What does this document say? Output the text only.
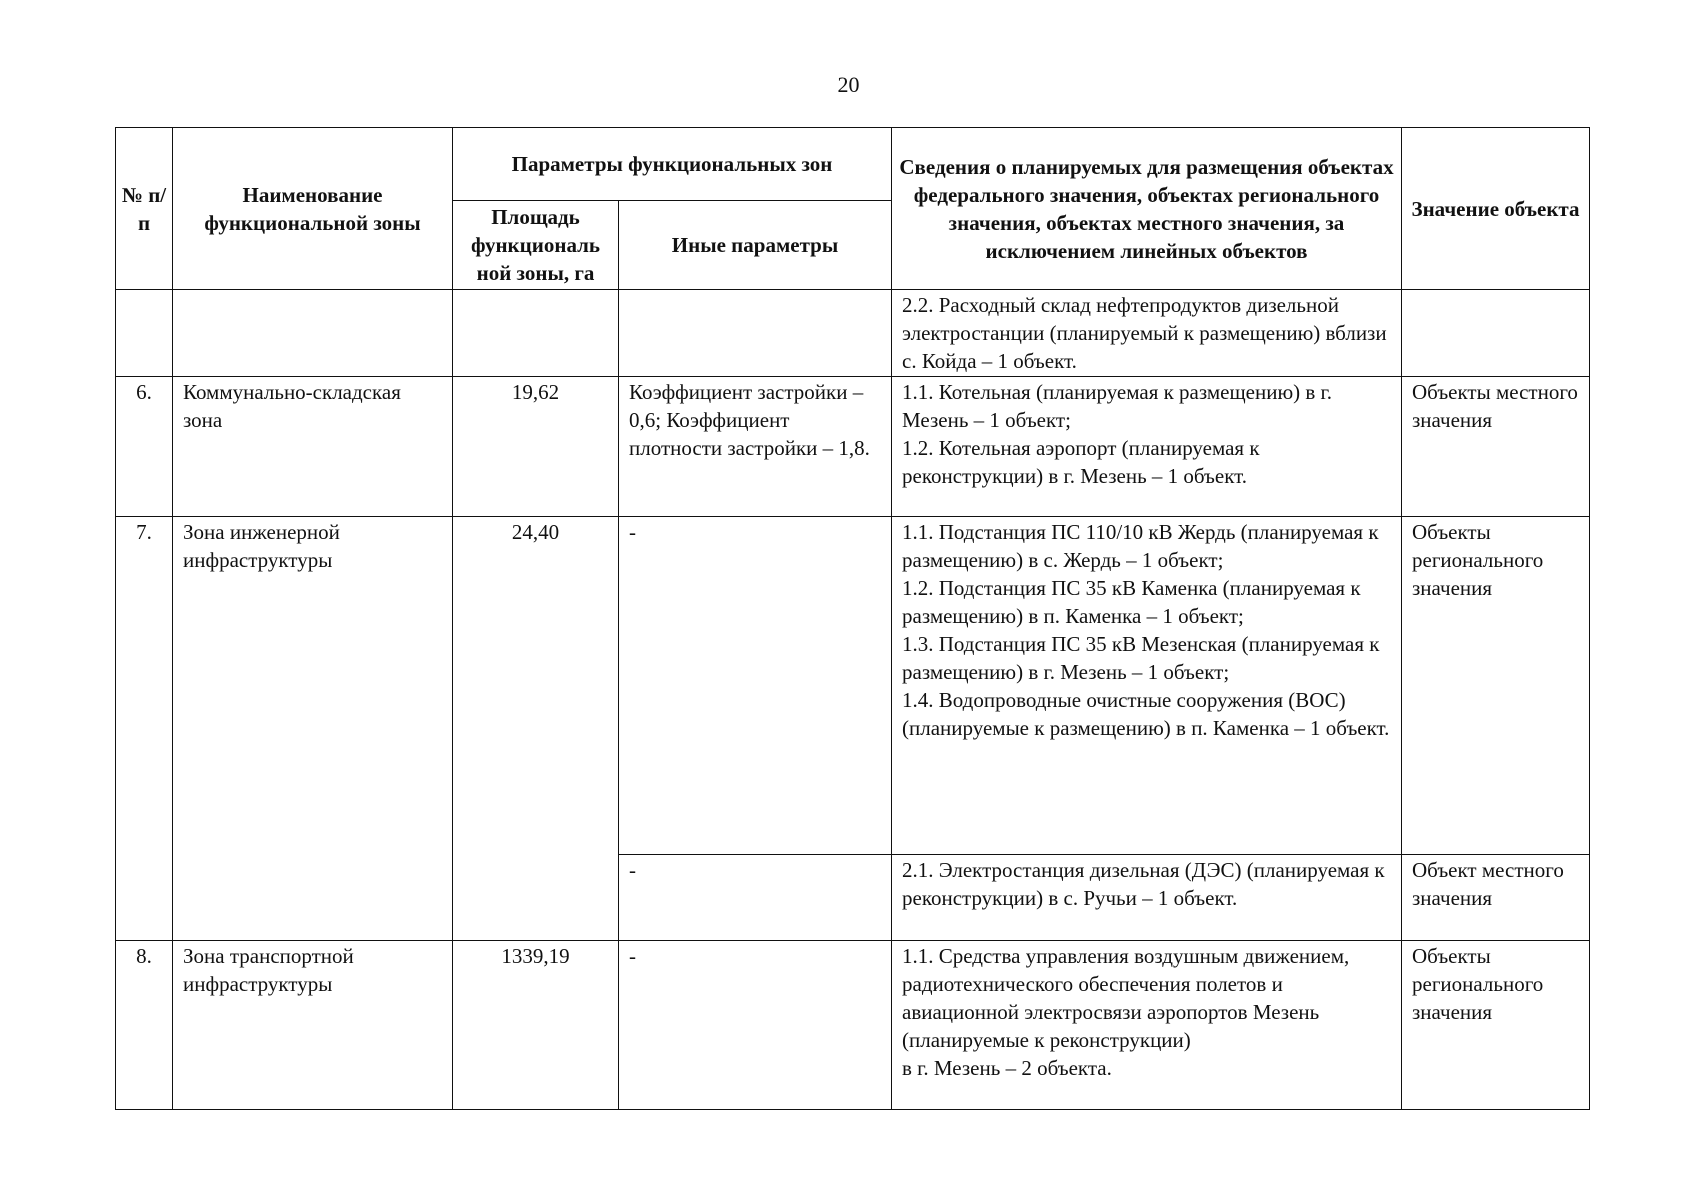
20
№ п/п	Наименование функциональной зоны	Параметры функциональных зон		Сведения о планируемых для размещения объектах федерального значения, объектах регионального значения, объектах местного значения, за исключением линейных объектов	Значение объекта
		Площадь функциональ ной зоны, га	Иные параметры		
				2.2. Расходный склад нефтепродуктов дизельной электростанции (планируемый к размещению) вблизи с. Койда – 1 объект.	
6.	Коммунально-складская зона	19,62	Коэффициент застройки – 0,6; Коэффициент плотности застройки – 1,8.	1.1. Котельная (планируемая к размещению) в г. Мезень – 1 объект;
1.2. Котельная аэропорт (планируемая к реконструкции) в г. Мезень – 1 объект.	Объекты местного значения
7.	Зона инженерной инфраструктуры	24,40	-	1.1. Подстанция ПС 110/10 кВ Жердь (планируемая к размещению) в с. Жердь – 1 объект;
1.2. Подстанция ПС 35 кВ Каменка (планируемая к размещению) в п. Каменка – 1 объект;
1.3. Подстанция ПС 35 кВ Мезенская (планируемая к размещению) в г. Мезень – 1 объект;
1.4. Водопроводные очистные сооружения (ВОС) (планируемые к размещению) в п. Каменка – 1 объект.	Объекты регионального значения
			-	2.1. Электростанция дизельная (ДЭС) (планируемая к реконструкции) в с. Ручьи – 1 объект.	Объект местного значения
8.	Зона транспортной инфраструктуры	1339,19	-	1.1. Средства управления воздушным движением, радиотехнического обеспечения полетов и авиационной электросвязи аэропортов Мезень (планируемые к реконструкции)
в г. Мезень – 2 объекта.	Объекты регионального значения
